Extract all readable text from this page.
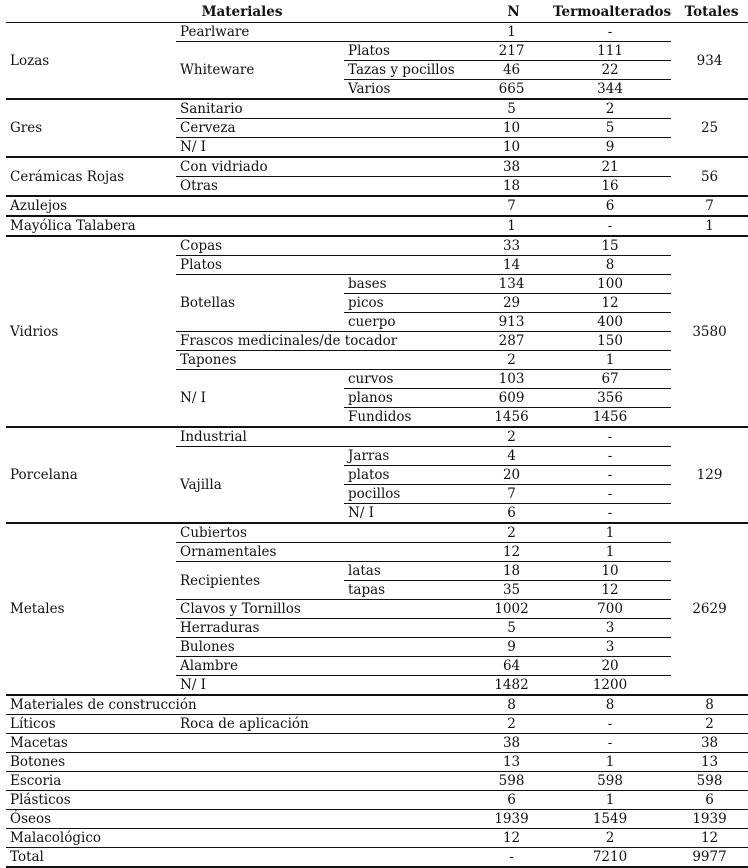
Materiales			N	Termoalterados	Totales
Lozas	Pearlware		1	-	934
	Whiteware	Platos	217	111	
		Tazas y pocillos	46	22	
		Varios	665	344	
Gres	Sanitario		5	2	25
	Cerveza		10	5	
	N/ I		10	9	
Cerámicas Rojas	Con vidriado		38	21	56
	Otras		18	16	
Azulejos			7	6	7
Mayólica Talabera			1	-	1
Vidrios	Copas		33	15	3580
	Platos		14	8	
	Botellas	bases	134	100	
		picos	29	12	
		cuerpo	913	400	
	Frascos medicinales/de tocador		287	150	
	Tapones		2	1	
	N/ I	curvos	103	67	
		planos	609	356	
		Fundidos	1456	1456	
Porcelana	Industrial		2	-	129
	Vajilla	Jarras	4	-	
		platos	20	-	
		pocillos	7	-	
		N/ I	6	-	
Metales	Cubiertos		2	1	2629
	Ornamentales		12	1	
	Recipientes	latas	18	10	
		tapas	35	12	
	Clavos y Tornillos		1002	700	
	Herraduras		5	3	
	Bulones		9	3	
	Alambre		64	20	
	N/ I		1482	1200	
Materiales de construcción			8	8	8
Líticos	Roca de aplicación		2	-	2
Macetas			38	-	38
Botones			13	1	13
Escoria			598	598	598
Plásticos			6	1	6
Óseos			1939	1549	1939
Malacológico			12	2	12
Total			-	7210	9977
